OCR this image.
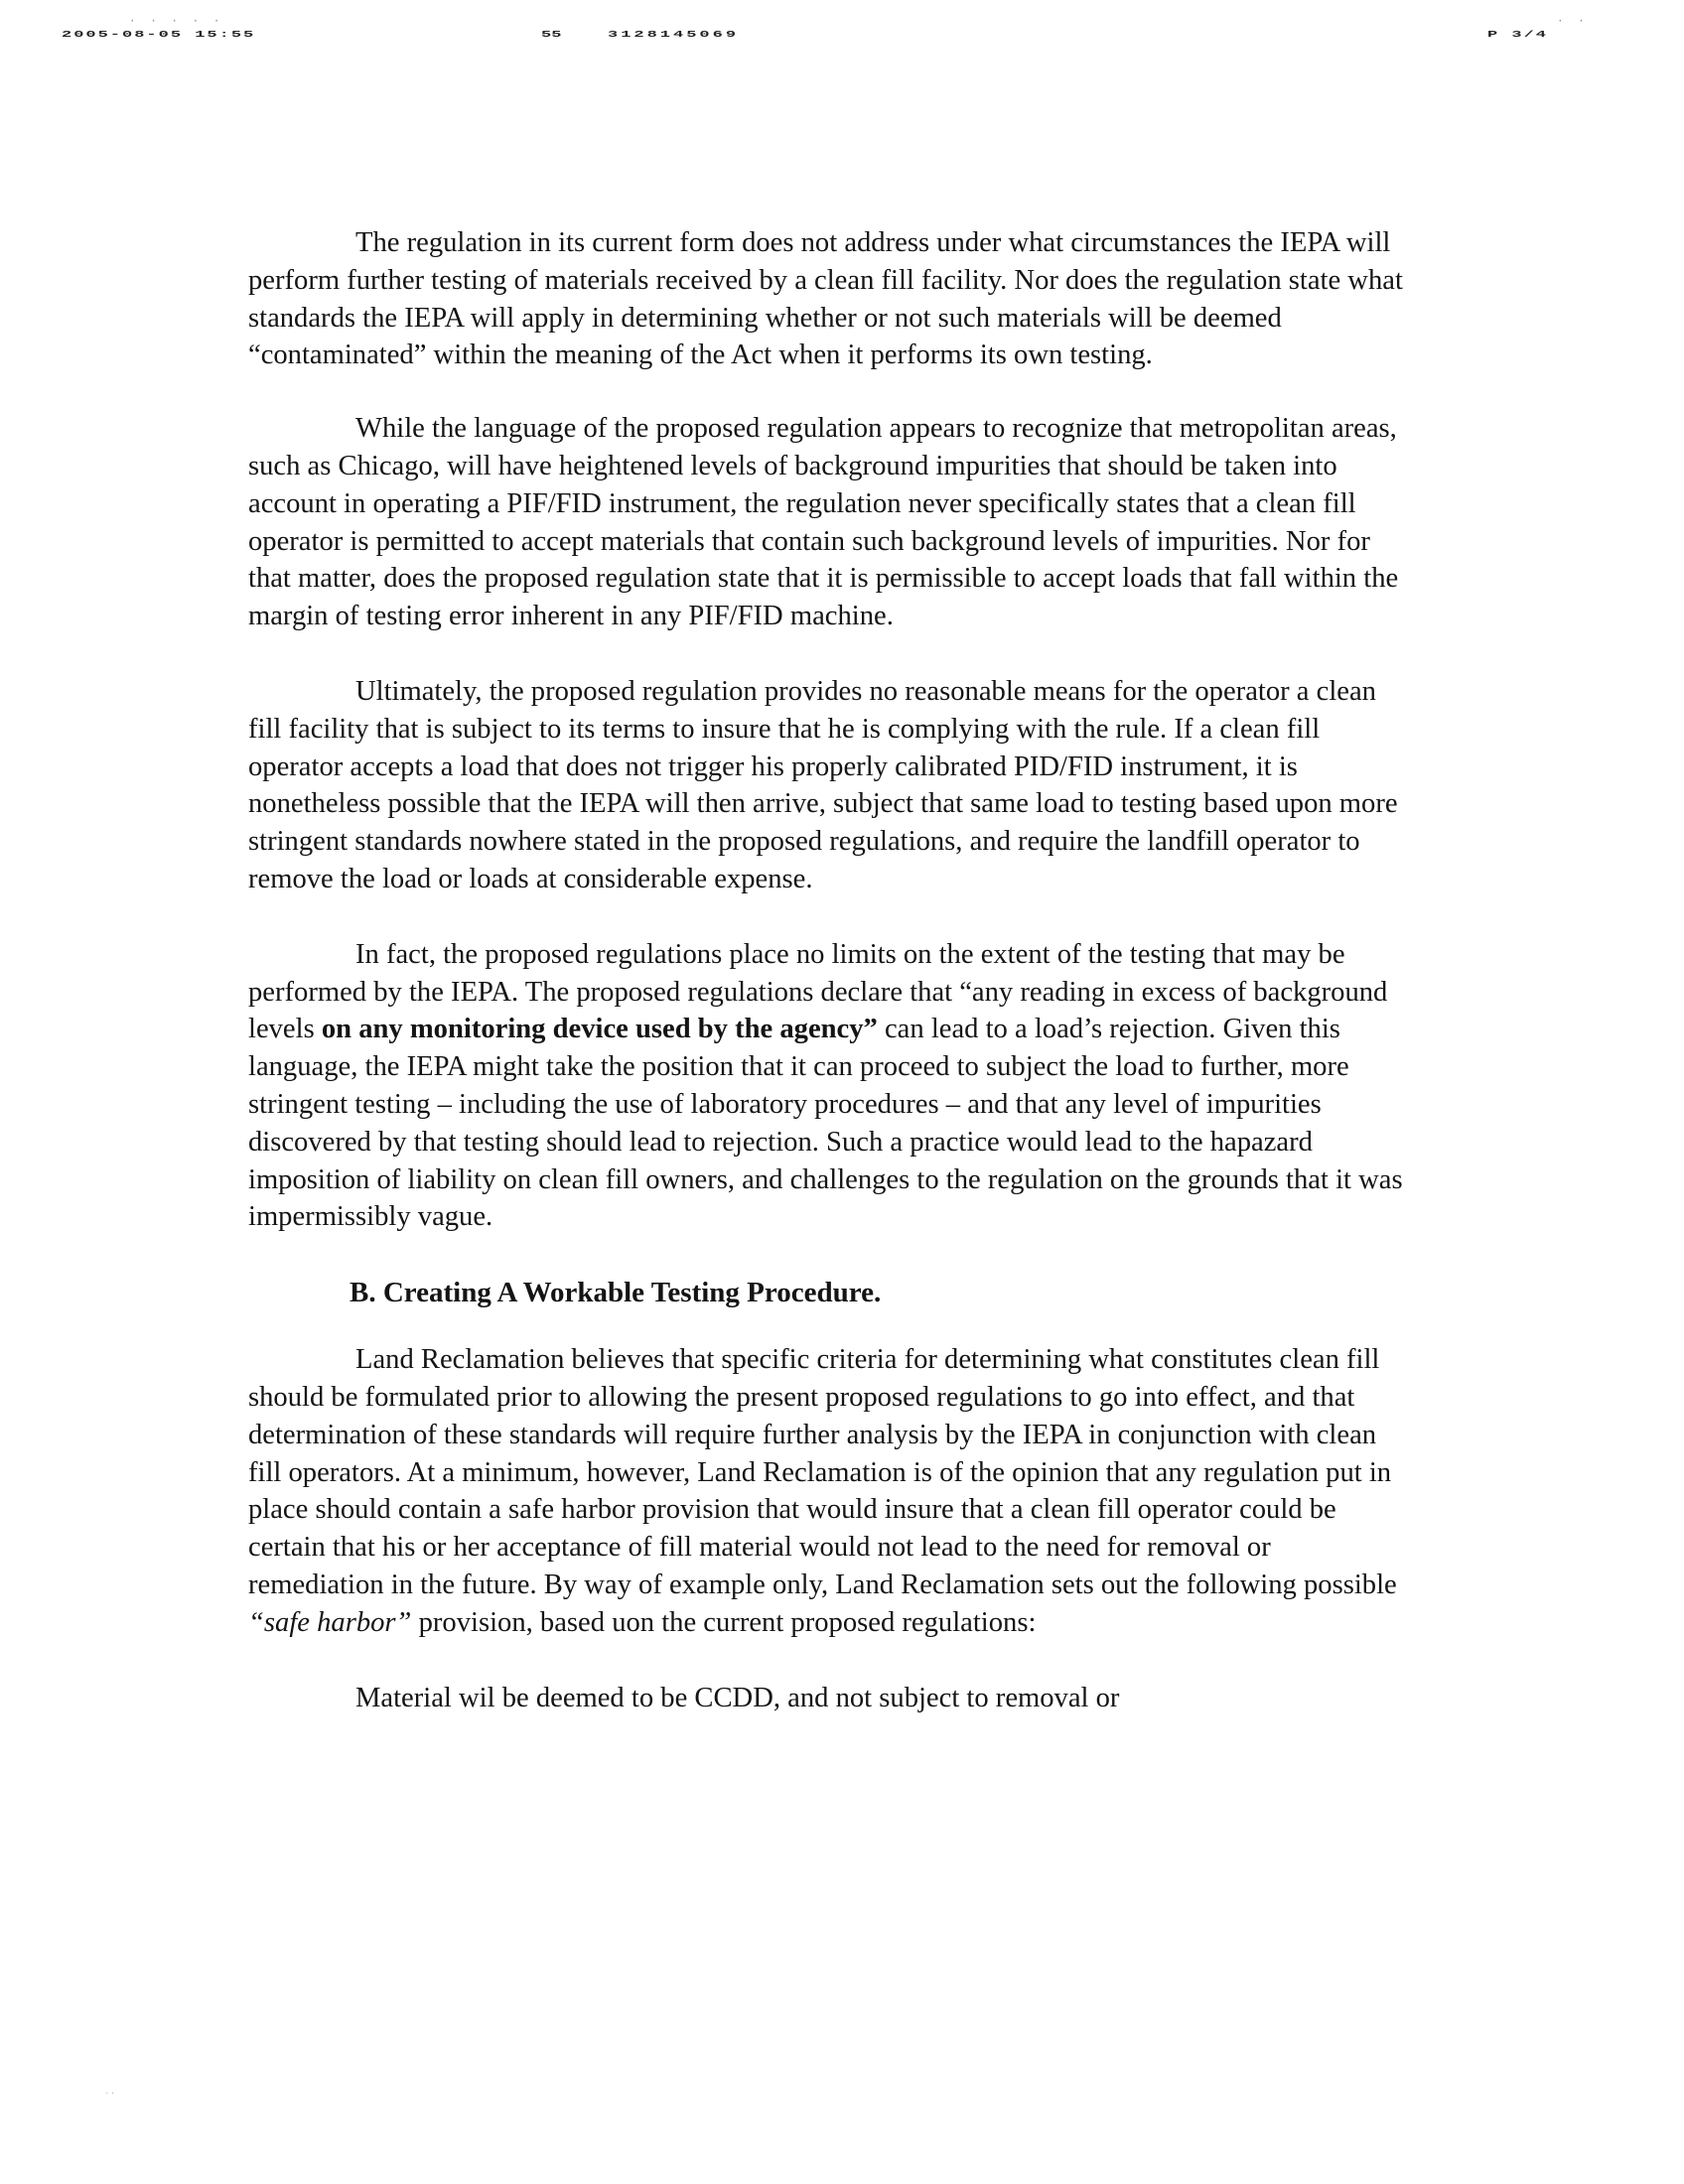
· · · · ·
2005-08-05 15:55	55	3128145069	P 3/4
· ·

The regulation in its current form does not address under what circumstances the IEPA will perform further testing of materials received by a clean fill facility. Nor does the regulation state what standards the IEPA will apply in determining whether or not such materials will be deemed “contaminated” within the meaning of the Act when it performs its own testing.

While the language of the proposed regulation appears to recognize that metropolitan areas, such as Chicago, will have heightened levels of background impurities that should be taken into account in operating a PIF/FID instrument, the regulation never specifically states that a clean fill operator is permitted to accept materials that contain such background levels of impurities. Nor for that matter, does the proposed regulation state that it is permissible to accept loads that fall within the margin of testing error inherent in any PIF/FID machine.

Ultimately, the proposed regulation provides no reasonable means for the operator a clean fill facility that is subject to its terms to insure that he is complying with the rule. If a clean fill operator accepts a load that does not trigger his properly calibrated PID/FID instrument, it is nonetheless possible that the IEPA will then arrive, subject that same load to testing based upon more stringent standards nowhere stated in the proposed regulations, and require the landfill operator to remove the load or loads at considerable expense.

In fact, the proposed regulations place no limits on the extent of the testing that may be performed by the IEPA. The proposed regulations declare that “any reading in excess of background levels on any monitoring device used by the agency” can lead to a load’s rejection. Given this language, the IEPA might take the position that it can proceed to subject the load to further, more stringent testing – including the use of laboratory procedures – and that any level of impurities discovered by that testing should lead to rejection. Such a practice would lead to the hapazard imposition of liability on clean fill owners, and challenges to the regulation on the grounds that it was impermissibly vague.

B. Creating A Workable Testing Procedure.

Land Reclamation believes that specific criteria for determining what constitutes clean fill should be formulated prior to allowing the present proposed regulations to go into effect, and that determination of these standards will require further analysis by the IEPA in conjunction with clean fill operators. At a minimum, however, Land Reclamation is of the opinion that any regulation put in place should contain a safe harbor provision that would insure that a clean fill operator could be certain that his or her acceptance of fill material would not lead to the need for removal or remediation in the future. By way of example only, Land Reclamation sets out the following possible “safe harbor” provision, based uon the current proposed regulations:

Material wil be deemed to be CCDD, and not subject to removal or

· ·
